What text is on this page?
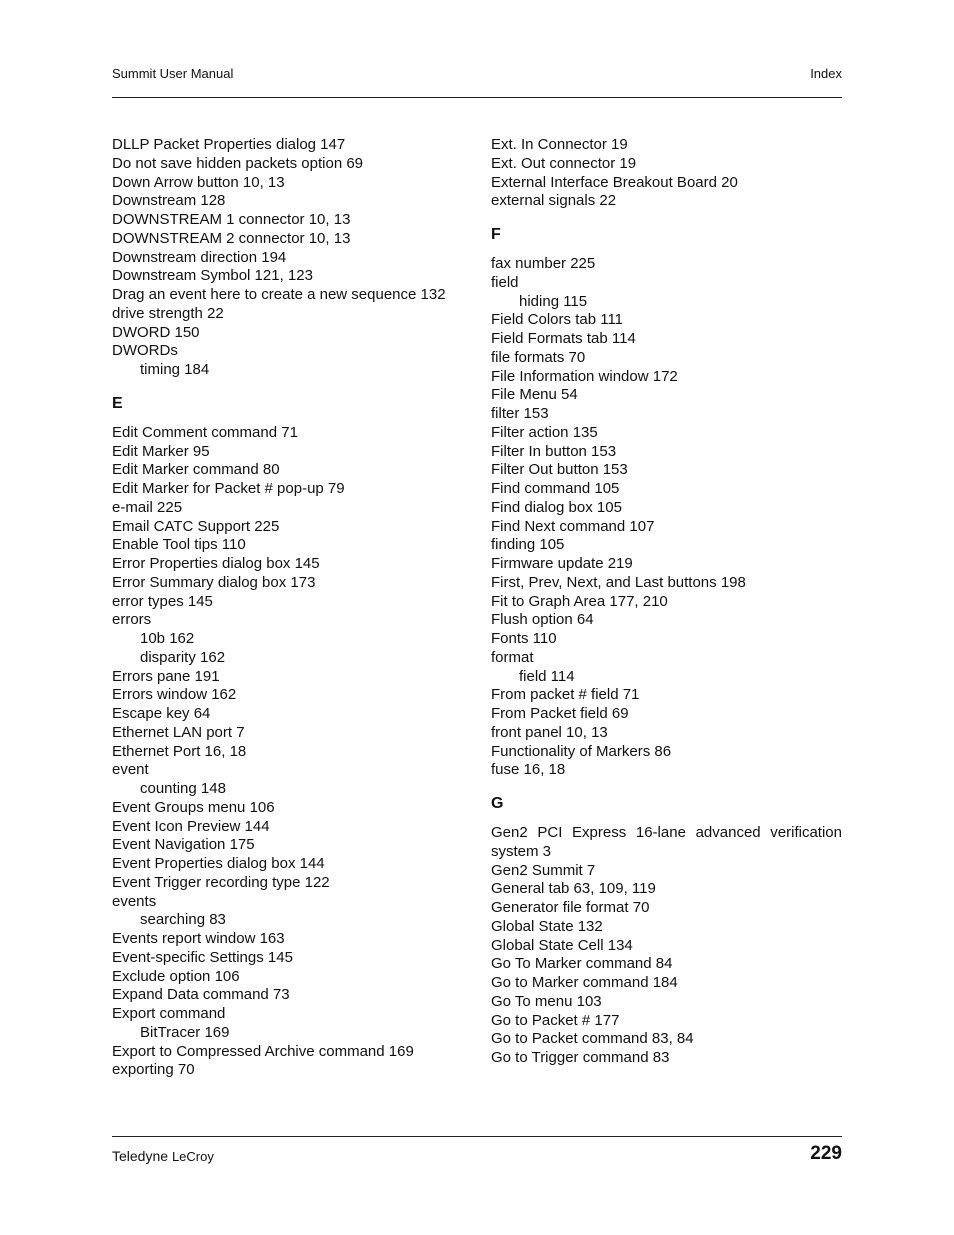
Summit User Manual	Index
DLLP Packet Properties dialog 147
Do not save hidden packets option 69
Down Arrow button 10, 13
Downstream 128
DOWNSTREAM 1 connector 10, 13
DOWNSTREAM 2 connector 10, 13
Downstream direction 194
Downstream Symbol 121, 123
Drag an event here to create a new sequence 132
drive strength 22
DWORD 150
DWORDs
timing 184
E
Edit Comment command 71
Edit Marker 95
Edit Marker command 80
Edit Marker for Packet # pop-up 79
e-mail 225
Email CATC Support 225
Enable Tool tips 110
Error Properties dialog box 145
Error Summary dialog box 173
error types 145
errors
10b 162
disparity 162
Errors pane 191
Errors window 162
Escape key 64
Ethernet LAN port 7
Ethernet Port 16, 18
event
counting 148
Event Groups menu 106
Event Icon Preview 144
Event Navigation 175
Event Properties dialog box 144
Event Trigger recording type 122
events
searching 83
Events report window 163
Event-specific Settings 145
Exclude option 106
Expand Data command 73
Export command
BitTracer 169
Export to Compressed Archive command 169
exporting 70
Ext. In Connector 19
Ext. Out connector 19
External Interface Breakout Board 20
external signals 22
F
fax number 225
field
hiding 115
Field Colors tab 111
Field Formats tab 114
file formats 70
File Information window 172
File Menu 54
filter 153
Filter action 135
Filter In button 153
Filter Out button 153
Find command 105
Find dialog box 105
Find Next command 107
finding 105
Firmware update 219
First, Prev, Next, and Last buttons 198
Fit to Graph Area 177, 210
Flush option 64
Fonts 110
format
field 114
From packet # field 71
From Packet field 69
front panel 10, 13
Functionality of Markers 86
fuse 16, 18
G
Gen2 PCI Express 16-lane advanced verification system 3
Gen2 Summit 7
General tab 63, 109, 119
Generator file format 70
Global State 132
Global State Cell 134
Go To Marker command 84
Go to Marker command 184
Go To menu 103
Go to Packet # 177
Go to Packet command 83, 84
Go to Trigger command 83
Teledyne LeCroy	229
